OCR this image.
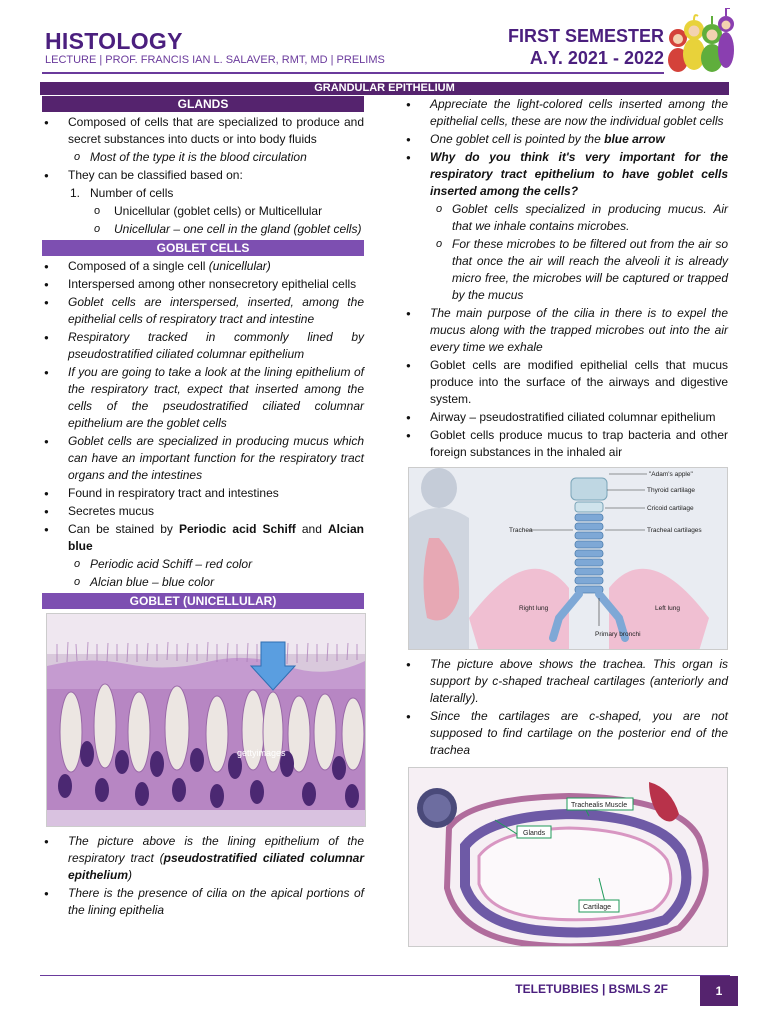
HISTOLOGY
LECTURE | PROF. FRANCIS IAN L. SALAVER, RMT, MD | PRELIMS
FIRST SEMESTER
A.Y. 2021 - 2022
GRANDULAR EPITHELIUM
GLANDS
● Composed of cells that are specialized to produce and secret substances into ducts or into body fluids
o Most of the type it is the blood circulation
● They can be classified based on:
1. Number of cells
o Unicellular (goblet cells) or Multicellular
o Unicellular – one cell in the gland (goblet cells)
GOBLET CELLS
● Composed of a single cell (unicellular)
● Interspersed among other nonsecretory epithelial cells
● Goblet cells are interspersed, inserted, among the epithelial cells of respiratory tract and intestine
● Respiratory tracked in commonly lined by pseudostratified ciliated columnar epithelium
● If you are going to take a look at the lining epithelium of the respiratory tract, expect that inserted among the cells of the pseudostratified ciliated columnar epithelium are the goblet cells
● Goblet cells are specialized in producing mucus which can have an important function for the respiratory tract organs and the intestines
● Found in respiratory tract and intestines
● Secretes mucus
● Can be stained by Periodic acid Schiff and Alcian blue
o Periodic acid Schiff – red color
o Alcian blue – blue color
GOBLET (UNICELLULAR)
gettyimages
● The picture above is the lining epithelium of the respiratory tract (pseudostratified ciliated columnar epithelium)
● There is the presence of cilia on the apical portions of the lining epithelia
● Appreciate the light-colored cells inserted among the epithelial cells, these are now the individual goblet cells
● One goblet cell is pointed by the blue arrow
● Why do you think it's very important for the respiratory tract epithelium to have goblet cells inserted among the cells?
o Goblet cells specialized in producing mucus. Air that we inhale contains microbes.
o For these microbes to be filtered out from the air so that once the air will reach the alveoli it is already micro free, the microbes will be captured or trapped by the mucus
● The main purpose of the cilia in there is to expel the mucus along with the trapped microbes out into the air every time we exhale
● Goblet cells are modified epithelial cells that mucus produce into the surface of the airways and digestive system.
● Airway – pseudostratified ciliated columnar epithelium
● Goblet cells produce mucus to trap bacteria and other foreign substances in the inhaled air
"Adam's apple"
Thyroid cartilage
Cricoid cartilage
Trachea	Tracheal cartilages
Right lung	Left lung
Primary bronchi
● The picture above shows the trachea. This organ is support by c-shaped tracheal cartilages (anteriorly and laterally).
● Since the cartilages are c-shaped, you are not supposed to find cartilage on the posterior end of the trachea
Glands
Trachealis Muscle
Cartilage
TELETUBBIES | BSMLS 2F	1
